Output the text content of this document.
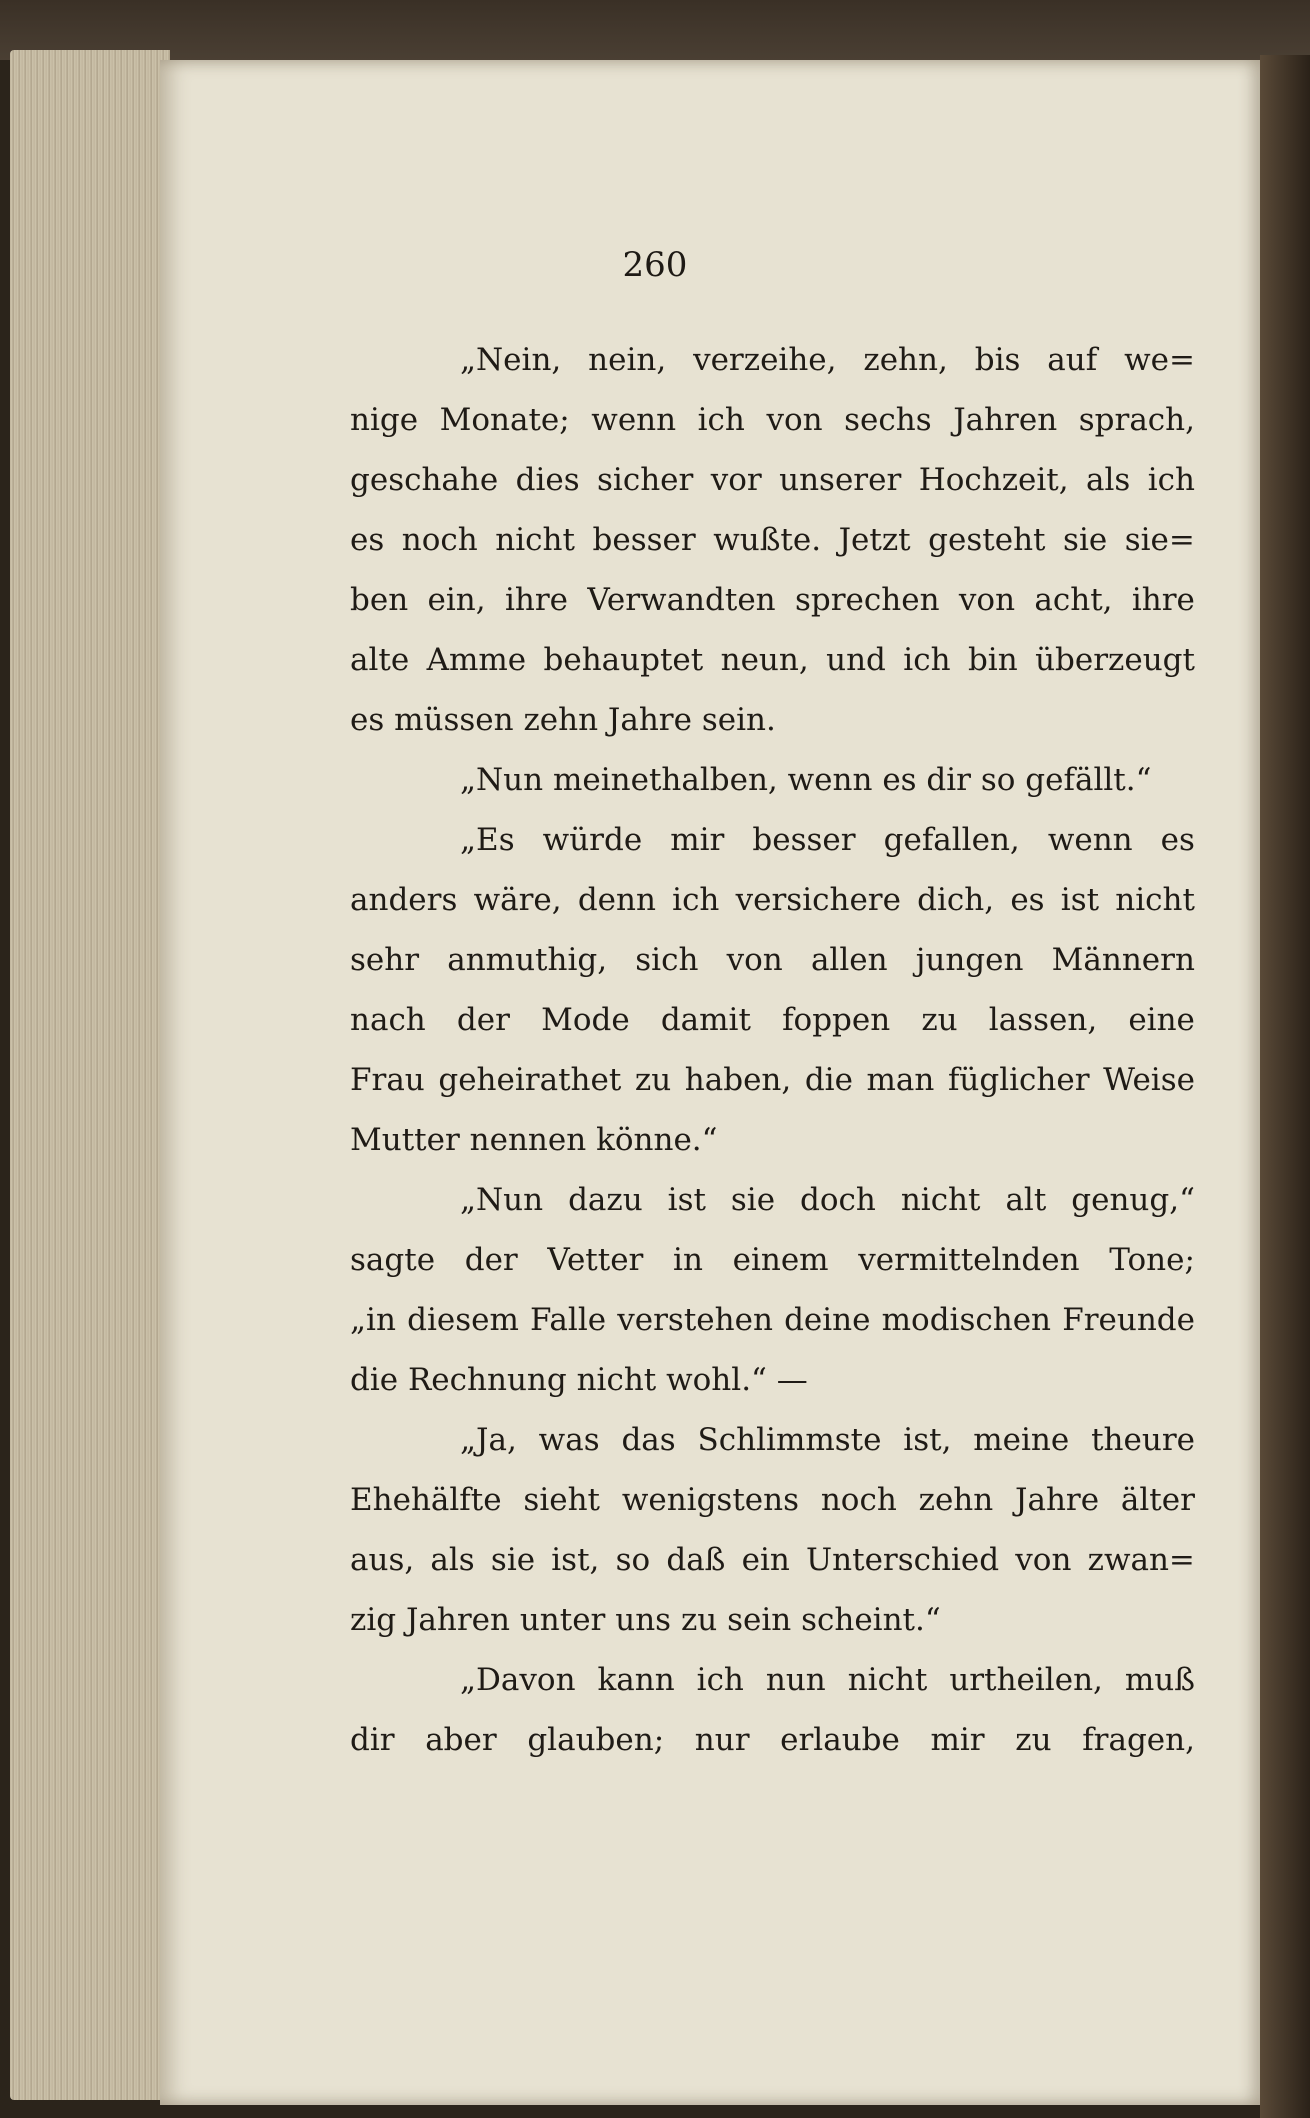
260
„Nein, nein, verzeihe, zehn, bis auf we=
nige Monate; wenn ich von sechs Jahren sprach,
geschahe dies sicher vor unserer Hochzeit, als ich
es noch nicht besser wußte. Jetzt gesteht sie sie=
ben ein, ihre Verwandten sprechen von acht, ihre
alte Amme behauptet neun, und ich bin überzeugt
es müssen zehn Jahre sein.
„Nun meinethalben, wenn es dir so gefällt.“
„Es würde mir besser gefallen, wenn es
anders wäre, denn ich versichere dich, es ist nicht
sehr anmuthig, sich von allen jungen Männern
nach der Mode damit foppen zu lassen, eine
Frau geheirathet zu haben, die man füglicher Weise
Mutter nennen könne.“
„Nun dazu ist sie doch nicht alt genug,“
sagte der Vetter in einem vermittelnden Tone;
„in diesem Falle verstehen deine modischen Freunde
die Rechnung nicht wohl.“ —
„Ja, was das Schlimmste ist, meine theure
Ehehälfte sieht wenigstens noch zehn Jahre älter
aus, als sie ist, so daß ein Unterschied von zwan=
zig Jahren unter uns zu sein scheint.“
„Davon kann ich nun nicht urtheilen, muß
dir aber glauben; nur erlaube mir zu fragen,
